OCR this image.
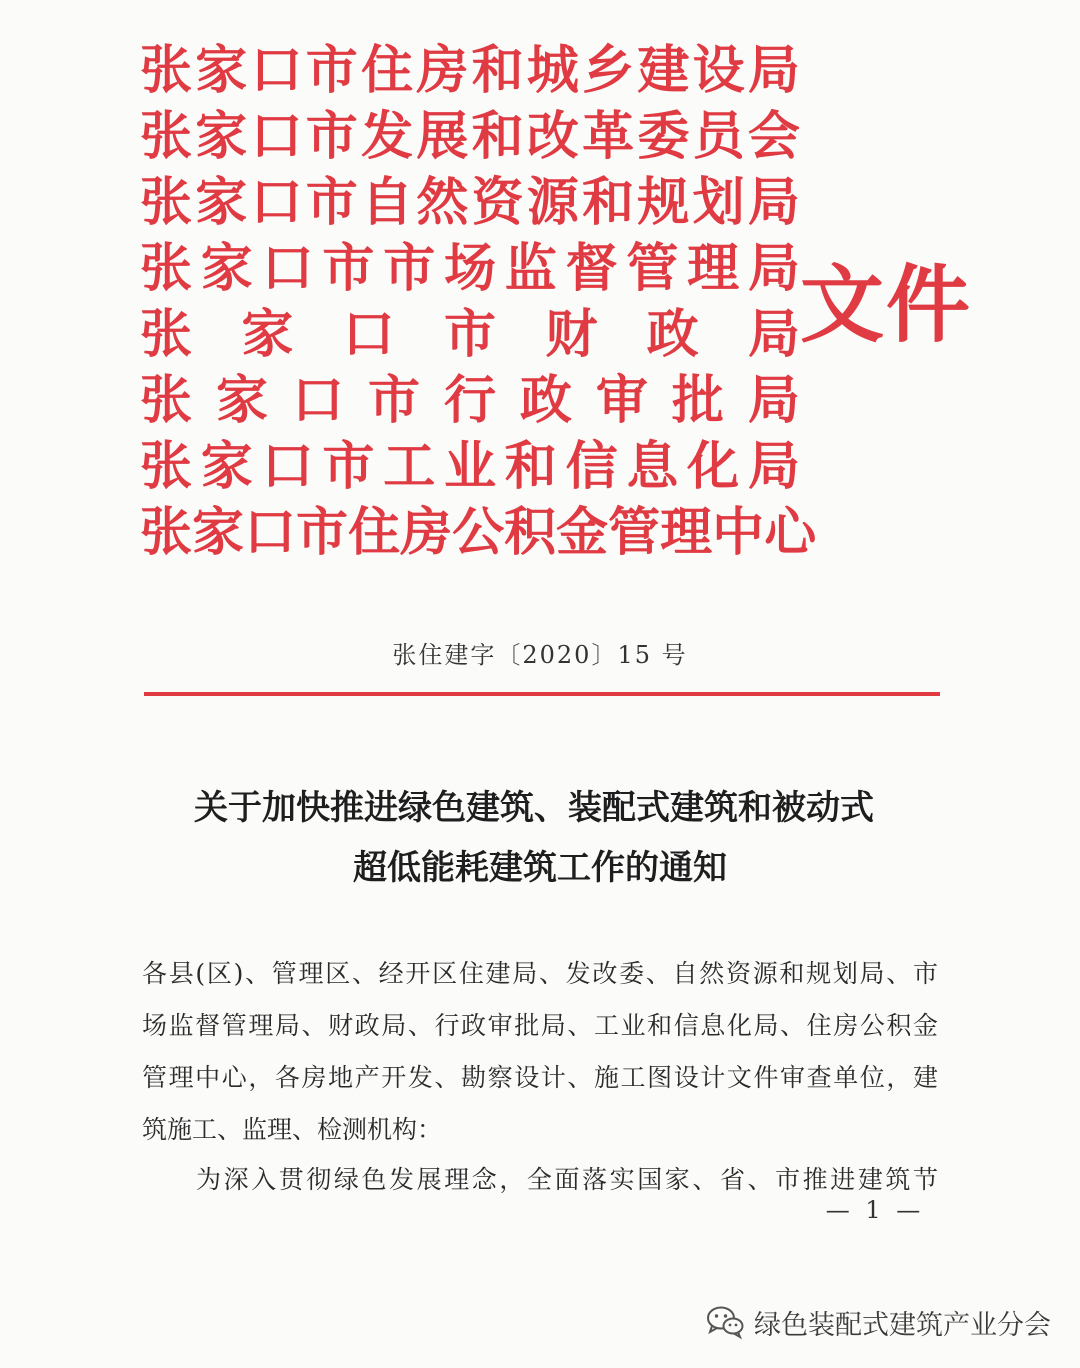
张 家 口 市 住 房 和 城 乡 建 设 局
张 家 口 市 发 展 和 改 革 委 员 会
张 家 口 市 自 然 资 源 和 规 划 局
张 家 口 市 市 场 监 督 管 理 局
张 家 口 市 财 政 局
张 家 口 市 行 政 审 批 局
张 家 口 市 工 业 和 信 息 化 局
张 家 口 市 住 房 公 积 金 管 理 中 心
文件
张住建字〔2020〕15 号
关于加快推进绿色建筑、装配式建筑和被动式
超低能耗建筑工作的通知
各县(区)、管理区、经开区住建局、发改委、自然资源和规划局、市
场监督管理局、财政局、行政审批局、工业和信息化局、住房公积金
管理中心，各房地产开发、勘察设计、施工图设计文件审查单位，建
筑施工、监理、检测机构：
为深入贯彻绿色发展理念，全面落实国家、省、市推进建筑节
— 1 —
绿色装配式建筑产业分会
